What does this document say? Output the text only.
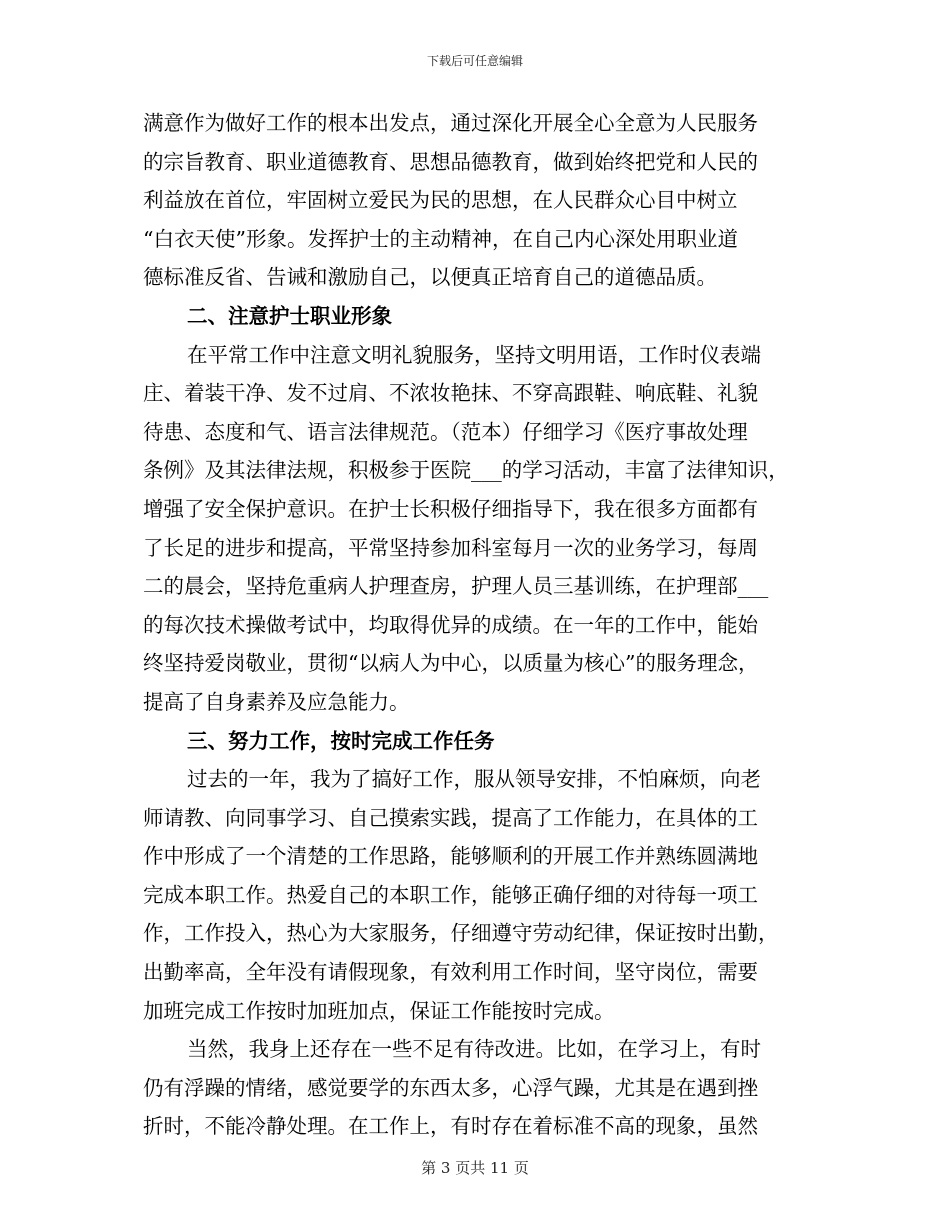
下载后可任意编辑
满意作为做好工作的根本出发点，通过深化开展全心全意为人民服务
的宗旨教育、职业道德教育、思想品德教育，做到始终把党和人民的
利益放在首位，牢固树立爱民为民的思想，在人民群众心目中树立
“白衣天使”形象。发挥护士的主动精神，在自己内心深处用职业道
德标准反省、告诫和激励自己，以便真正培育自己的道德品质。
二、注意护士职业形象
在平常工作中注意文明礼貌服务，坚持文明用语，工作时仪表端
庄、着装干净、发不过肩、不浓妆艳抹、不穿高跟鞋、响底鞋、礼貌
待患、态度和气、语言法律规范。（范本）仔细学习《医疗事故处理
条例》及其法律法规，积极参于医院___的学习活动，丰富了法律知识，
增强了安全保护意识。在护士长积极仔细指导下，我在很多方面都有
了长足的进步和提高，平常坚持参加科室每月一次的业务学习，每周
二的晨会，坚持危重病人护理查房，护理人员三基训练，在护理部___
的每次技术操做考试中，均取得优异的成绩。在一年的工作中，能始
终坚持爱岗敬业，贯彻“以病人为中心，以质量为核心”的服务理念，
提高了自身素养及应急能力。
三、努力工作，按时完成工作任务
过去的一年，我为了搞好工作，服从领导安排，不怕麻烦，向老
师请教、向同事学习、自己摸索实践，提高了工作能力，在具体的工
作中形成了一个清楚的工作思路，能够顺利的开展工作并熟练圆满地
完成本职工作。热爱自己的本职工作，能够正确仔细的对待每一项工
作，工作投入，热心为大家服务，仔细遵守劳动纪律，保证按时出勤，
出勤率高，全年没有请假现象，有效利用工作时间，坚守岗位，需要
加班完成工作按时加班加点，保证工作能按时完成。
当然，我身上还存在一些不足有待改进。比如，在学习上，有时
仍有浮躁的情绪，感觉要学的东西太多，心浮气躁，尤其是在遇到挫
折时，不能冷静处理。在工作上，有时存在着标准不高的现象，虽然
第 3 页共 11 页
